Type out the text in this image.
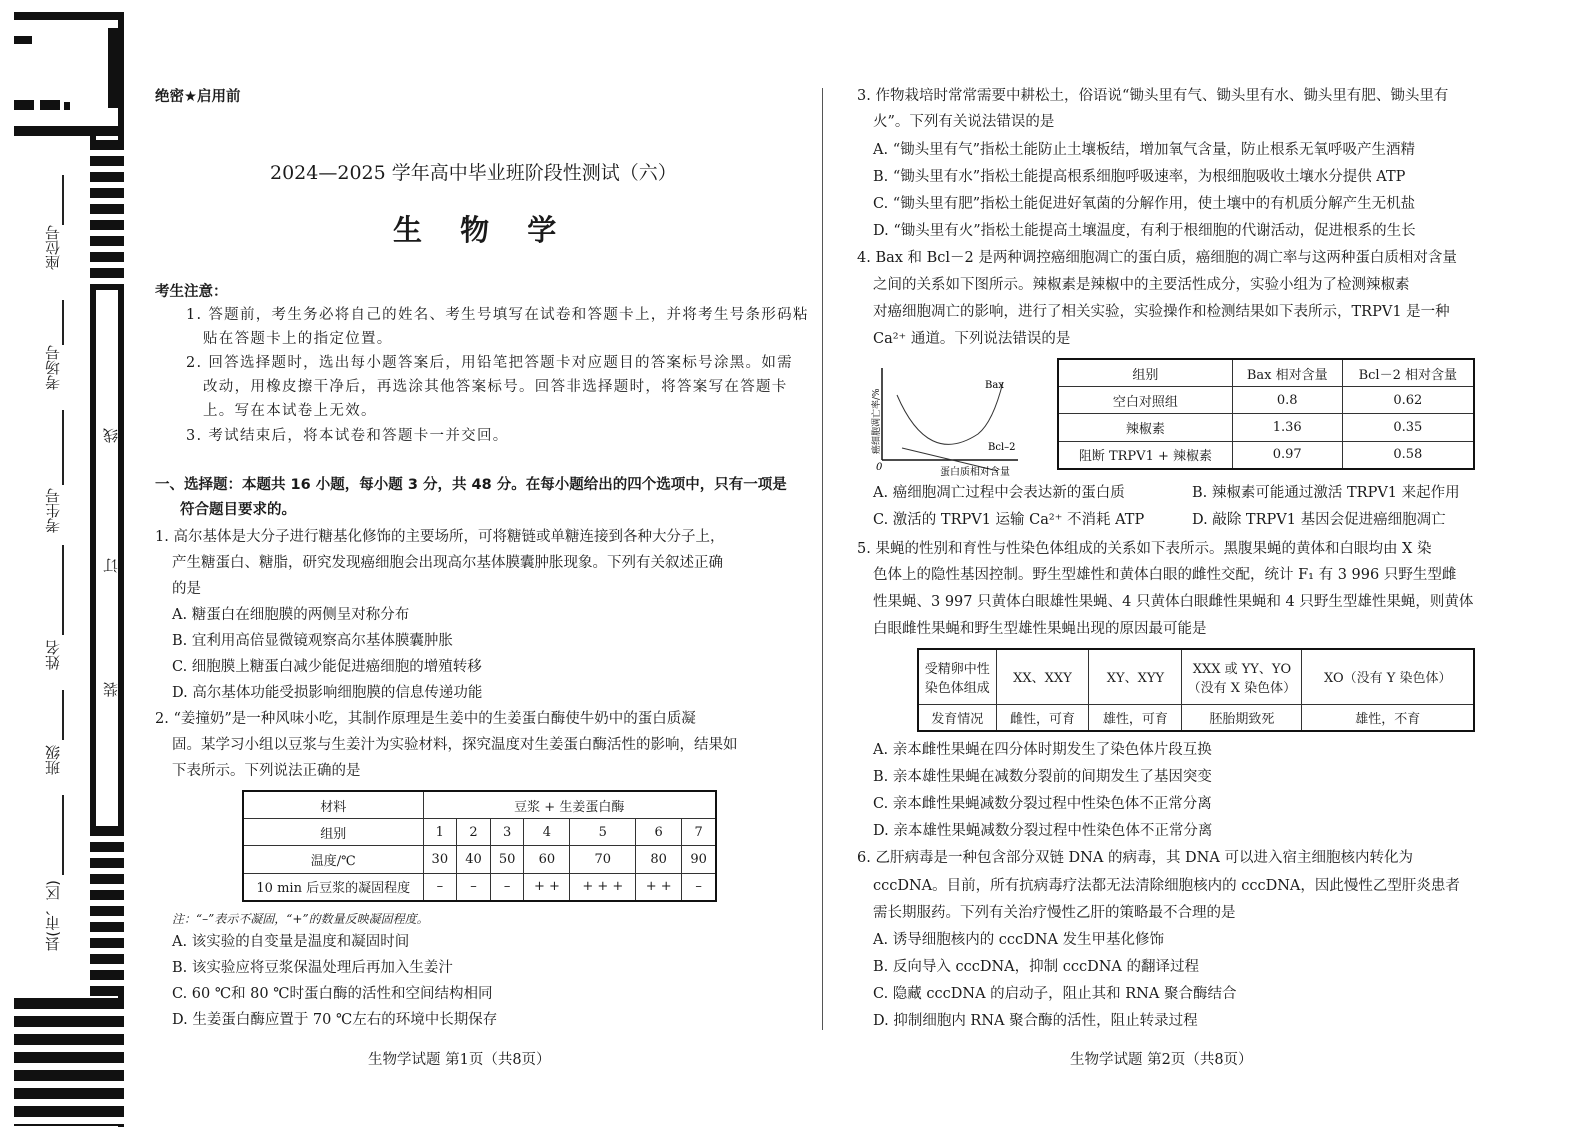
座位号
考场号
考生号
姓名
班级
县(市、区)
线
订
装
绝密★启用前
2024—2025 学年高中毕业班阶段性测试（六）
生 物 学
考生注意：
1. 答题前，考生务必将自己的姓名、考生号填写在试卷和答题卡上，并将考生号条形码粘
贴在答题卡上的指定位置。
2. 回答选择题时，选出每小题答案后，用铅笔把答题卡对应题目的答案标号涂黑。如需
改动，用橡皮擦干净后，再选涂其他答案标号。回答非选择题时，将答案写在答题卡
上。写在本试卷上无效。
3. 考试结束后，将本试卷和答题卡一并交回。
一、选择题：本题共 16 小题，每小题 3 分，共 48 分。在每小题给出的四个选项中，只有一项是
符合题目要求的。
1. 高尔基体是大分子进行糖基化修饰的主要场所，可将糖链或单糖连接到各种大分子上，
产生糖蛋白、糖脂，研究发现癌细胞会出现高尔基体膜囊肿胀现象。下列有关叙述正确
的是
A. 糖蛋白在细胞膜的两侧呈对称分布
B. 宜利用高倍显微镜观察高尔基体膜囊肿胀
C. 细胞膜上糖蛋白减少能促进癌细胞的增殖转移
D. 高尔基体功能受损影响细胞膜的信息传递功能
2. “姜撞奶”是一种风味小吃，其制作原理是生姜中的生姜蛋白酶使牛奶中的蛋白质凝
固。某学习小组以豆浆与生姜汁为实验材料，探究温度对生姜蛋白酶活性的影响，结果如
下表所示。下列说法正确的是
材料	豆浆 + 生姜蛋白酶						
组别	1	2	3	4	5	6	7
温度/℃	30	40	50	60	70	80	90
10 min 后豆浆的凝固程度	–	–	–	+ +	+ + +	+ +	–
注：“–”表示不凝固，“+”的数量反映凝固程度。
A. 该实验的自变量是温度和凝固时间
B. 该实验应将豆浆保温处理后再加入生姜汁
C. 60 ℃和 80 ℃时蛋白酶的活性和空间结构相同
D. 生姜蛋白酶应置于 70 ℃左右的环境中长期保存
生物学试题 第1页（共8页）
3. 作物栽培时常常需要中耕松土，俗语说“锄头里有气、锄头里有水、锄头里有肥、锄头里有
火”。下列有关说法错误的是
A. “锄头里有气”指松土能防止土壤板结，增加氧气含量，防止根系无氧呼吸产生酒精
B. “锄头里有水”指松土能提高根系细胞呼吸速率，为根细胞吸收土壤水分提供 ATP
C. “锄头里有肥”指松土能促进好氧菌的分解作用，使土壤中的有机质分解产生无机盐
D. “锄头里有火”指松土能提高土壤温度，有利于根细胞的代谢活动，促进根系的生长
4. Bax 和 Bcl－2 是两种调控癌细胞凋亡的蛋白质，癌细胞的凋亡率与这两种蛋白质相对含量
之间的关系如下图所示。辣椒素是辣椒中的主要活性成分，实验小组为了检测辣椒素
对癌细胞凋亡的影响，进行了相关实验，实验操作和检测结果如下表所示，TRPV1 是一种
Ca²⁺ 通道。下列说法错误的是
Bax
Bcl–2
0	蛋白质相对含量
癌细胞凋亡率/%
组别	Bax 相对含量	Bcl－2 相对含量
空白对照组	0.8	0.62
辣椒素	1.36	0.35
阻断 TRPV1 + 辣椒素	0.97	0.58
A. 癌细胞凋亡过程中会表达新的蛋白质	B. 辣椒素可能通过激活 TRPV1 来起作用
C. 激活的 TRPV1 运输 Ca²⁺ 不消耗 ATP	D. 敲除 TRPV1 基因会促进癌细胞凋亡
5. 果蝇的性别和育性与性染色体组成的关系如下表所示。黑腹果蝇的黄体和白眼均由 X 染
色体上的隐性基因控制。野生型雄性和黄体白眼的雌性交配，统计 F₁ 有 3 996 只野生型雌
性果蝇、3 997 只黄体白眼雄性果蝇、4 只黄体白眼雌性果蝇和 4 只野生型雄性果蝇，则黄体
白眼雌性果蝇和野生型雄性果蝇出现的原因最可能是
受精卵中性染色体组成	XX、XXY	XY、XYY	XXX 或 YY、YO（没有 X 染色体）	XO（没有 Y 染色体）
发育情况	雌性，可育	雄性，可育	胚胎期致死	雄性，不育
A. 亲本雌性果蝇在四分体时期发生了染色体片段互换
B. 亲本雄性果蝇在减数分裂前的间期发生了基因突变
C. 亲本雌性果蝇减数分裂过程中性染色体不正常分离
D. 亲本雄性果蝇减数分裂过程中性染色体不正常分离
6. 乙肝病毒是一种包含部分双链 DNA 的病毒，其 DNA 可以进入宿主细胞核内转化为
cccDNA。目前，所有抗病毒疗法都无法清除细胞核内的 cccDNA，因此慢性乙型肝炎患者
需长期服药。下列有关治疗慢性乙肝的策略最不合理的是
A. 诱导细胞核内的 cccDNA 发生甲基化修饰
B. 反向导入 cccDNA，抑制 cccDNA 的翻译过程
C. 隐藏 cccDNA 的启动子，阻止其和 RNA 聚合酶结合
D. 抑制细胞内 RNA 聚合酶的活性，阻止转录过程
生物学试题 第2页（共8页）
